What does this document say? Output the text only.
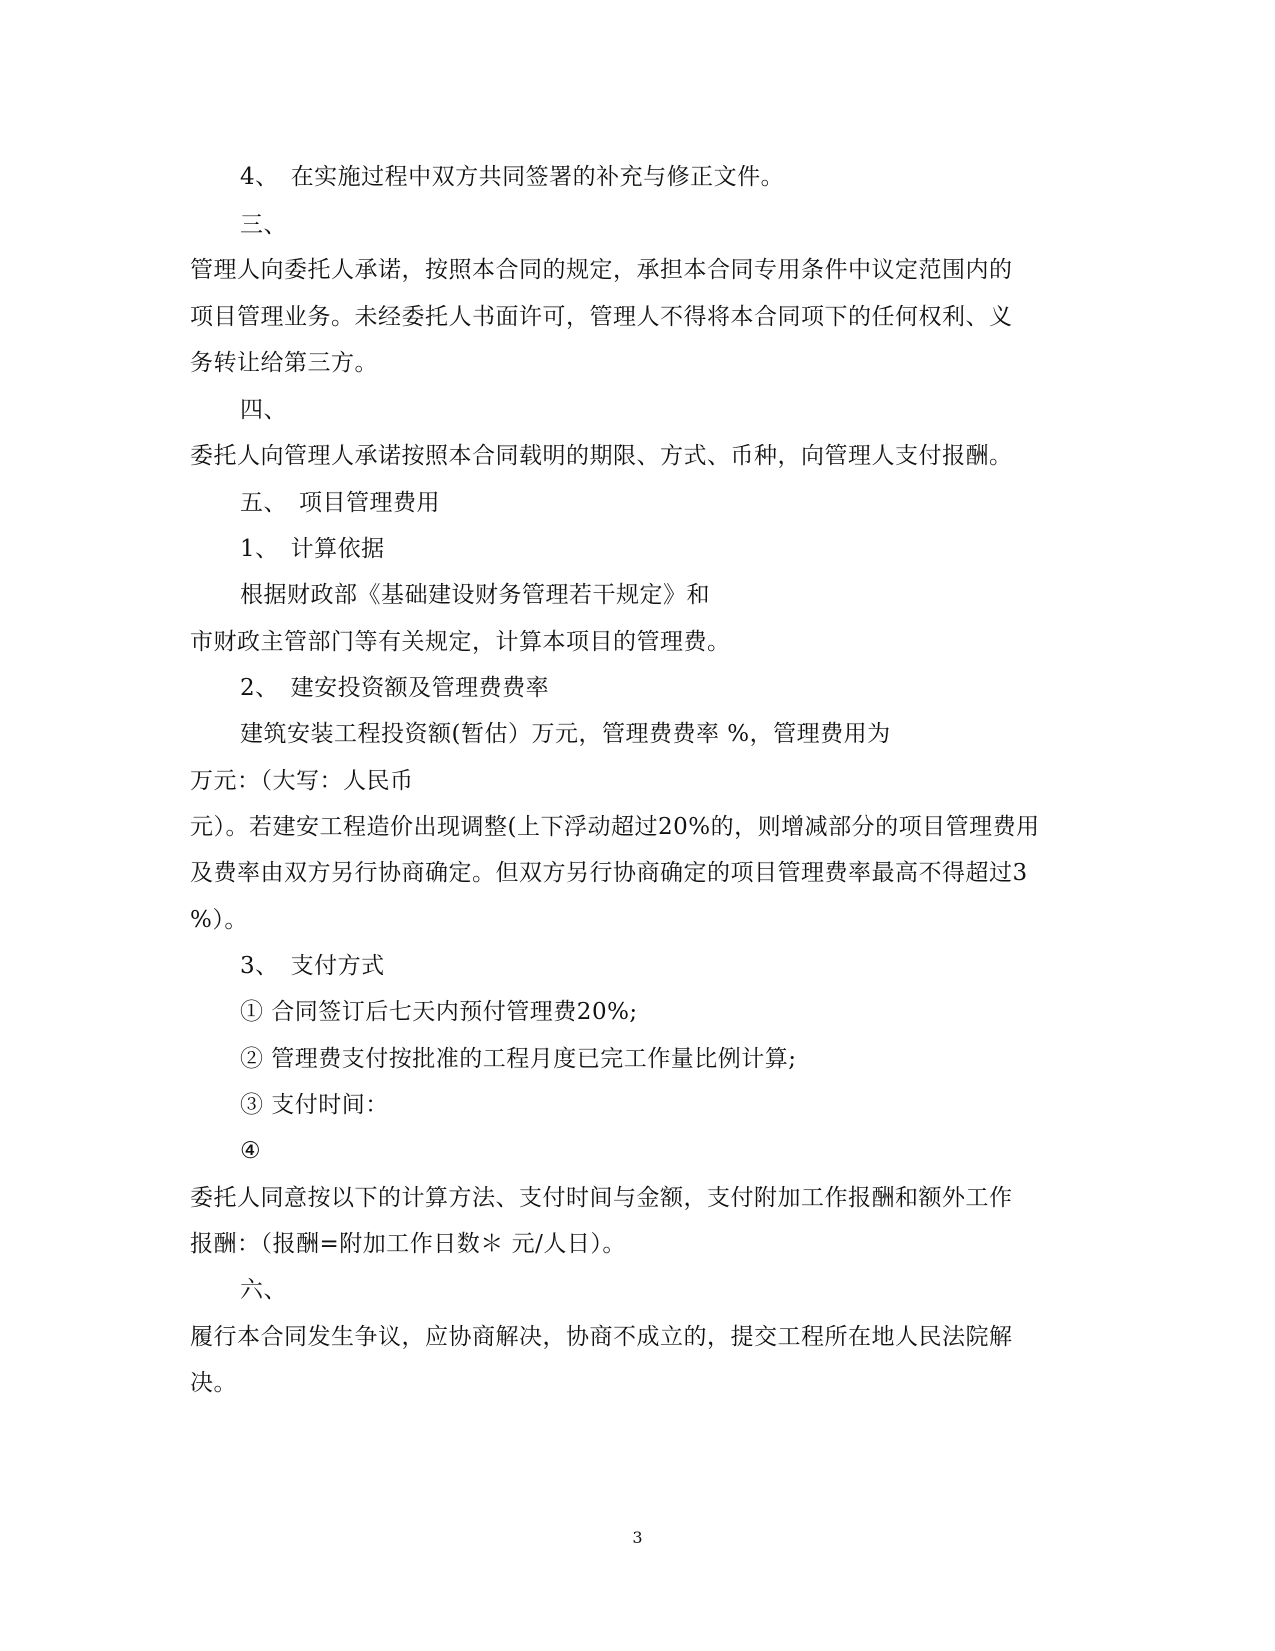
4、　在实施过程中双方共同签署的补充与修正文件。
三、
管理人向委托人承诺，按照本合同的规定，承担本合同专用条件中议定范围内的
项目管理业务。未经委托人书面许可，管理人不得将本合同项下的任何权利、义
务转让给第三方。
四、
委托人向管理人承诺按照本合同载明的期限、方式、币种，向管理人支付报酬。
五、　项目管理费用
1、　计算依据
根据财政部《基础建设财务管理若干规定》和
市财政主管部门等有关规定，计算本项目的管理费。
2、　建安投资额及管理费费率
建筑安装工程投资额(暂估）万元，管理费费率 %，管理费用为
万元：（大写：人民币
元）。若建安工程造价出现调整(上下浮动超过20%的，则增减部分的项目管理费用
及费率由双方另行协商确定。但双方另行协商确定的项目管理费率最高不得超过3
%）。
3、　支付方式
① 合同签订后七天内预付管理费20%;
② 管理费支付按批准的工程月度已完工作量比例计算;
③ 支付时间：
④
委托人同意按以下的计算方法、支付时间与金额，支付附加工作报酬和额外工作
报酬：（报酬=附加工作日数＊ 元/人日）。
六、
履行本合同发生争议，应协商解决，协商不成立的，提交工程所在地人民法院解
决。
3
